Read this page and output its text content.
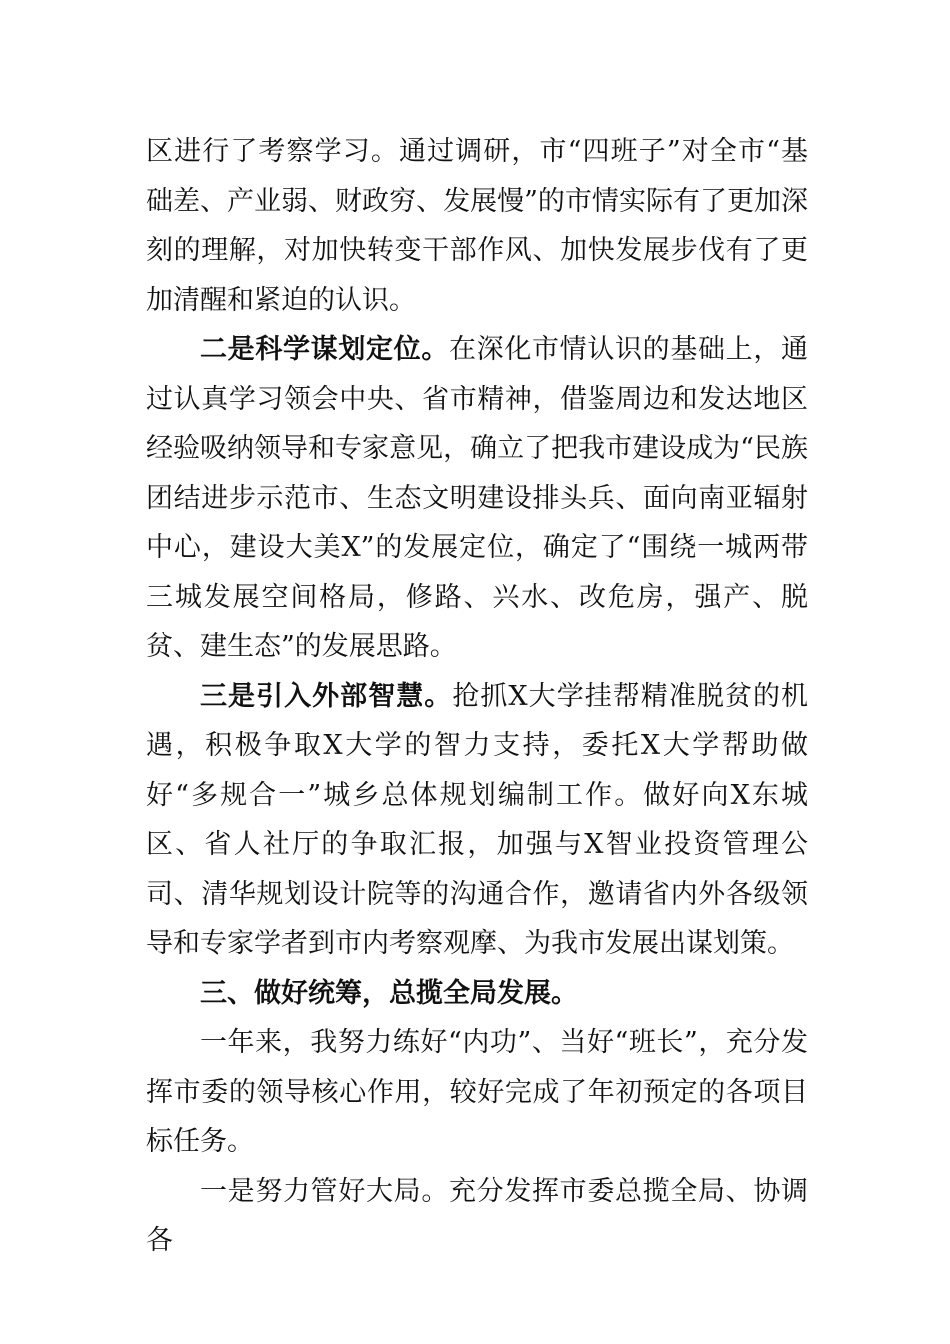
区进行了考察学习。通过调研，市“四班子”对全市“基础差、产业弱、财政穷、发展慢”的市情实际有了更加深刻的理解，对加快转变干部作风、加快发展步伐有了更加清醒和紧迫的认识。

二是科学谋划定位。在深化市情认识的基础上，通过认真学习领会中央、省市精神，借鉴周边和发达地区经验吸纳领导和专家意见，确立了把我市建设成为“民族团结进步示范市、生态文明建设排头兵、面向南亚辐射中心，建设大美X”的发展定位，确定了“围绕一城两带三城发展空间格局，修路、兴水、改危房，强产、脱贫、建生态”的发展思路。

三是引入外部智慧。抢抓X大学挂帮精准脱贫的机遇，积极争取X大学的智力支持，委托X大学帮助做好“多规合一”城乡总体规划编制工作。做好向X东城区、省人社厅的争取汇报，加强与X智业投资管理公司、清华规划设计院等的沟通合作，邀请省内外各级领导和专家学者到市内考察观摩、为我市发展出谋划策。

三、做好统筹，总揽全局发展。

一年来，我努力练好“内功”、当好“班长”，充分发挥市委的领导核心作用，较好完成了年初预定的各项目标任务。

一是努力管好大局。充分发挥市委总揽全局、协调各
